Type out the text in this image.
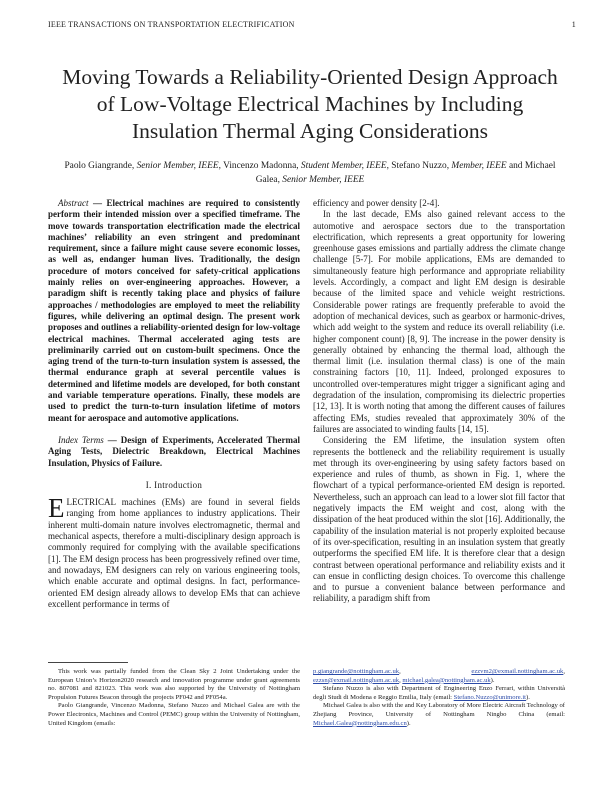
IEEE TRANSACTIONS ON TRANSPORTATION ELECTRIFICATION	1
Moving Towards a Reliability-Oriented Design Approach of Low-Voltage Electrical Machines by Including Insulation Thermal Aging Considerations
Paolo Giangrande, Senior Member, IEEE, Vincenzo Madonna, Student Member, IEEE, Stefano Nuzzo, Member, IEEE and Michael Galea, Senior Member, IEEE

Abstract — Electrical machines are required to consistently perform their intended mission over a specified timeframe. The move towards transportation electrification made the electrical machines’ reliability an even stringent and predominant requirement, since a failure might cause severe economic losses, as well as, endanger human lives. Traditionally, the design procedure of motors conceived for safety-critical applications mainly relies on over-engineering approaches. However, a paradigm shift is recently taking place and physics of failure approaches / methodologies are employed to meet the reliability figures, while delivering an optimal design. The present work proposes and outlines a reliability-oriented design for low-voltage electrical machines. Thermal accelerated aging tests are preliminarily carried out on custom-built specimens. Once the aging trend of the turn-to-turn insulation system is assessed, the thermal endurance graph at several percentile values is determined and lifetime models are developed, for both constant and variable temperature operations. Finally, these models are used to predict the turn-to-turn insulation lifetime of motors meant for aerospace and automotive applications.

Index Terms — Design of Experiments, Accelerated Thermal Aging Tests, Dielectric Breakdown, Electrical Machines Insulation, Physics of Failure.

I. Introduction

ELECTRICAL machines (EMs) are found in several fields ranging from home appliances to industry applications. Their inherent multi-domain nature involves electromagnetic, thermal and mechanical aspects, therefore a multi-disciplinary design approach is commonly required for complying with the available specifications [1]. The EM design process has been progressively refined over time, and nowadays, EM designers can rely on various engineering tools, which enable accurate and optimal designs. In fact, performance-oriented EM design already allows to develop EMs that can achieve excellent performance in terms of

efficiency and power density [2-4].

In the last decade, EMs also gained relevant access to the automotive and aerospace sectors due to the transportation electrification, which represents a great opportunity for lowering greenhouse gases emissions and partially address the climate change challenge [5-7]. For mobile applications, EMs are demanded to simultaneously feature high performance and appropriate reliability levels. Accordingly, a compact and light EM design is desirable because of the limited space and vehicle weight restrictions. Considerable power ratings are frequently preferable to avoid the adoption of mechanical devices, such as gearbox or harmonic-drives, which add weight to the system and reduce its overall reliability (i.e. higher component count) [8, 9]. The increase in the power density is generally obtained by enhancing the thermal load, although the thermal limit (i.e. insulation thermal class) is one of the main constraining factors [10, 11]. Indeed, prolonged exposures to uncontrolled over-temperatures might trigger a significant aging and degradation of the insulation, compromising its dielectric properties [12, 13]. It is worth noting that among the different causes of failures affecting EMs, studies revealed that approximately 30% of the failures are associated to winding faults [14, 15].

Considering the EM lifetime, the insulation system often represents the bottleneck and the reliability requirement is usually met through its over-engineering by using safety factors based on experience and rules of thumb, as shown in Fig. 1, where the flowchart of a typical performance-oriented EM design is reported. Nevertheless, such an approach can lead to a lower slot fill factor that negatively impacts the EM weight and cost, along with the dissipation of the heat produced within the slot [16]. Additionally, the capability of the insulation material is not properly exploited because of its over-specification, resulting in an insulation system that greatly outperforms the specified EM life. It is therefore clear that a design contrast between operational performance and reliability exists and it can ensue in conflicting design choices. To overcome this challenge and to pursue a convenient balance between performance and reliability, a paradigm shift from

This work was partially funded from the Clean Sky 2 Joint Undertaking under the European Union’s Horizon2020 research and innovation programme under grant agreements no. 807081 and 821023. This work was also supported by the University of Nottingham Propulsion Futures Beacon through the projects PF042 and PF054a.

Paolo Giangrande, Vincenzo Madonna, Stefano Nuzzo and Michael Galea are with the Power Electronics, Machines and Control (PEMC) group within the University of Nottingham, United Kingdom (emails:

p.giangrande@nottingham.ac.uk, ezzvm2@exmail.nottingham.ac.uk, ezzsn@exmail.nottingham.ac.uk, michael.galea@nottingham.ac.uk).

Stefano Nuzzo is also with Department of Engineering Enzo Ferrari, within Università degli Studi di Modena e Reggio Emilia, Italy (email: Stefano.Nuzzo@unimore.it).

Michael Galea is also with the and Key Laboratory of More Electric Aircraft Technology of Zhejiang Province, University of Nottingham Ningbo China (email: Michael.Galea@nottingham.edu.cn).
